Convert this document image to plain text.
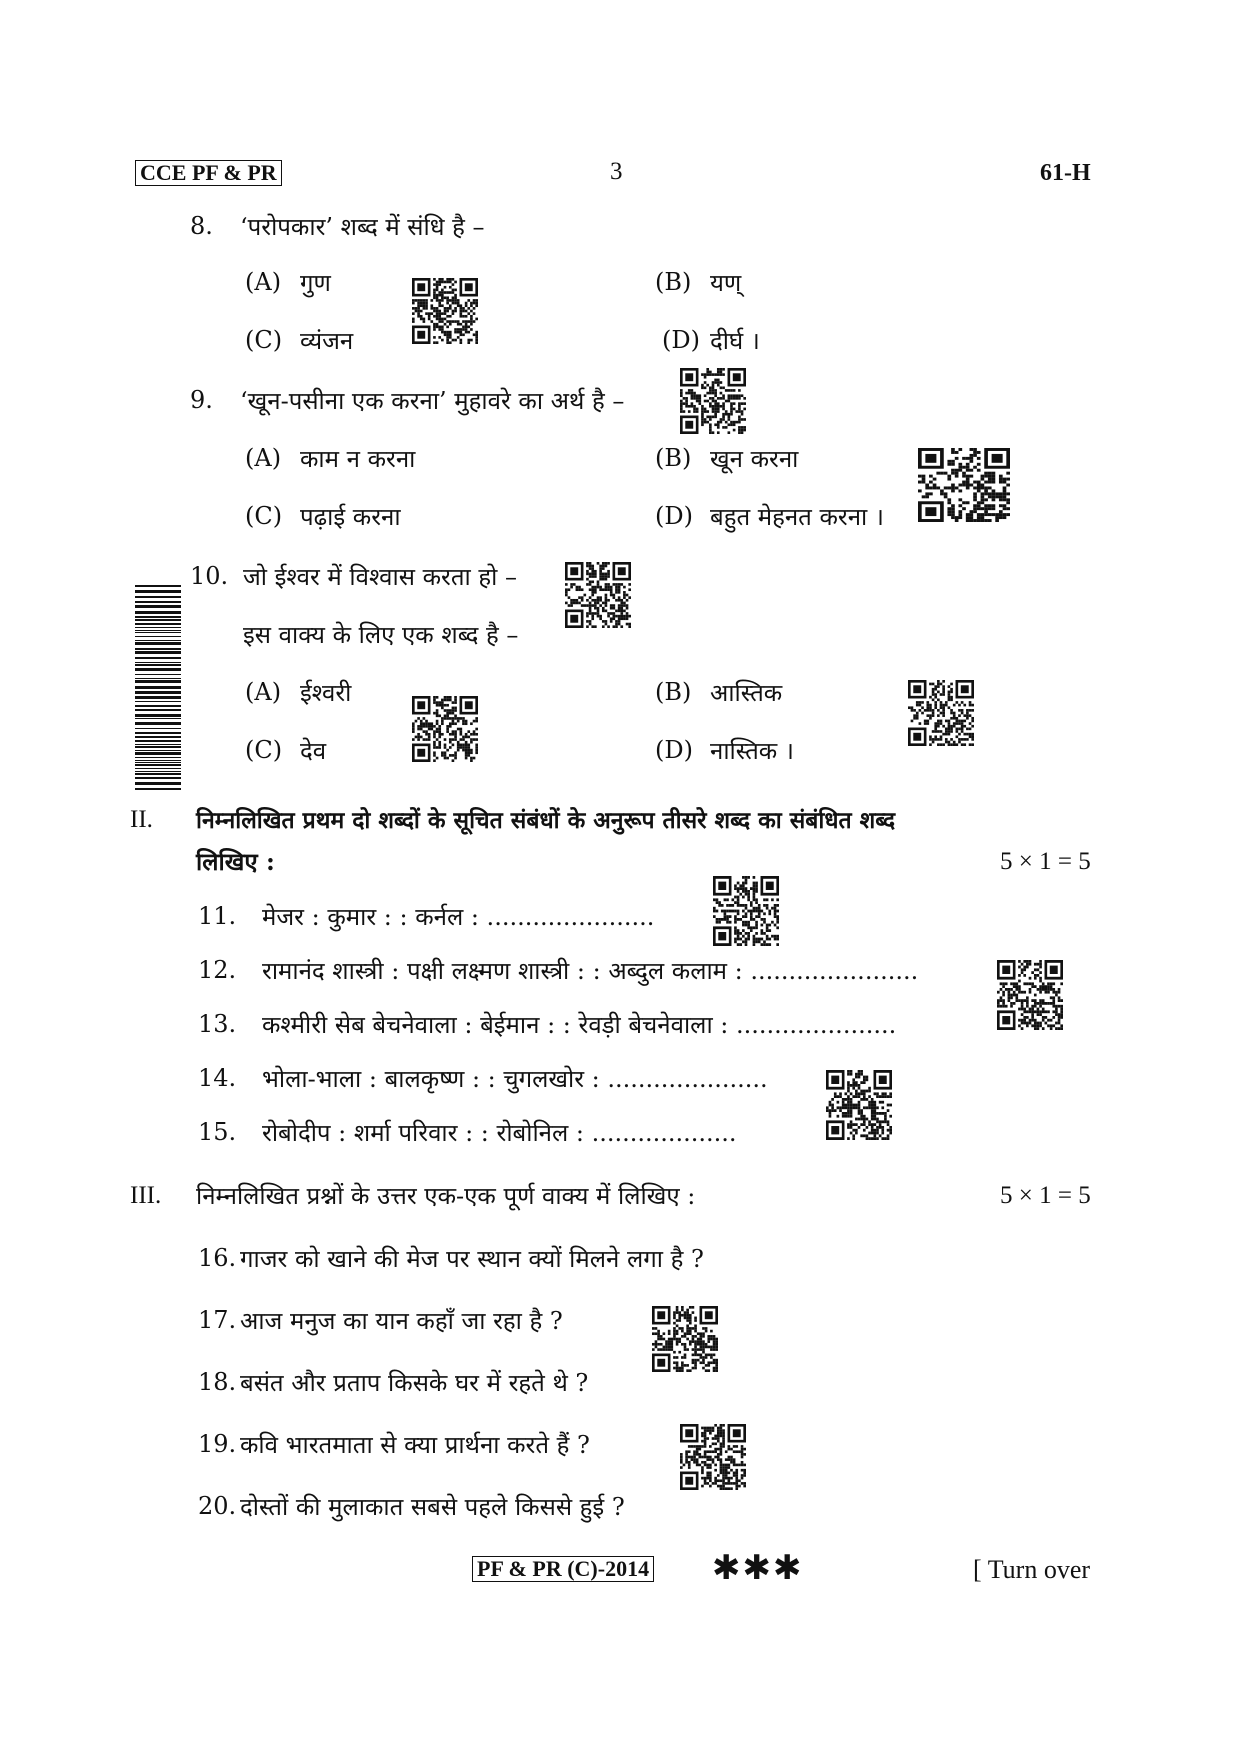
CCE PF & PR	3	61-H
8. ‘परोपकार’ शब्द में संधि है –
(A) गुण	(B) यण्
(C) व्यंजन	(D) दीर्घ ।
9. ‘खून-पसीना एक करना’ मुहावरे का अर्थ है –
(A) काम न करना	(B) खून करना
(C) पढ़ाई करना	(D) बहुत मेहनत करना ।
10. जो ईश्वर में विश्वास करता हो –
इस वाक्य के लिए एक शब्द है –
(A) ईश्वरी	(B) आस्तिक
(C) देव	(D) नास्तिक ।
II. निम्नलिखित प्रथम दो शब्दों के सूचित संबंधों के अनुरूप तीसरे शब्द का संबंधित शब्द
लिखिए :	5 × 1 = 5
11. मेजर : कुमार : : कर्नल : ......................
12. रामानंद शास्त्री : पक्षी लक्ष्मण शास्त्री : : अब्दुल कलाम : ......................
13. कश्मीरी सेब बेचनेवाला : बेईमान : : रेवड़ी बेचनेवाला : .....................
14. भोला-भाला : बालकृष्ण : : चुगलखोर : .....................
15. रोबोदीप : शर्मा परिवार : : रोबोनिल : ...................
III. निम्नलिखित प्रश्नों के उत्तर एक-एक पूर्ण वाक्य में लिखिए :	5 × 1 = 5
16. गाजर को खाने की मेज पर स्थान क्यों मिलने लगा है ?
17. आज मनुज का यान कहाँ जा रहा है ?
18. बसंत और प्रताप किसके घर में रहते थे ?
19. कवि भारतमाता से क्या प्रार्थना करते हैं ?
20. दोस्तों की मुलाकात सबसे पहले किससे हुई ?
PF & PR (C)-2014 ✱✱✱	[ Turn over
